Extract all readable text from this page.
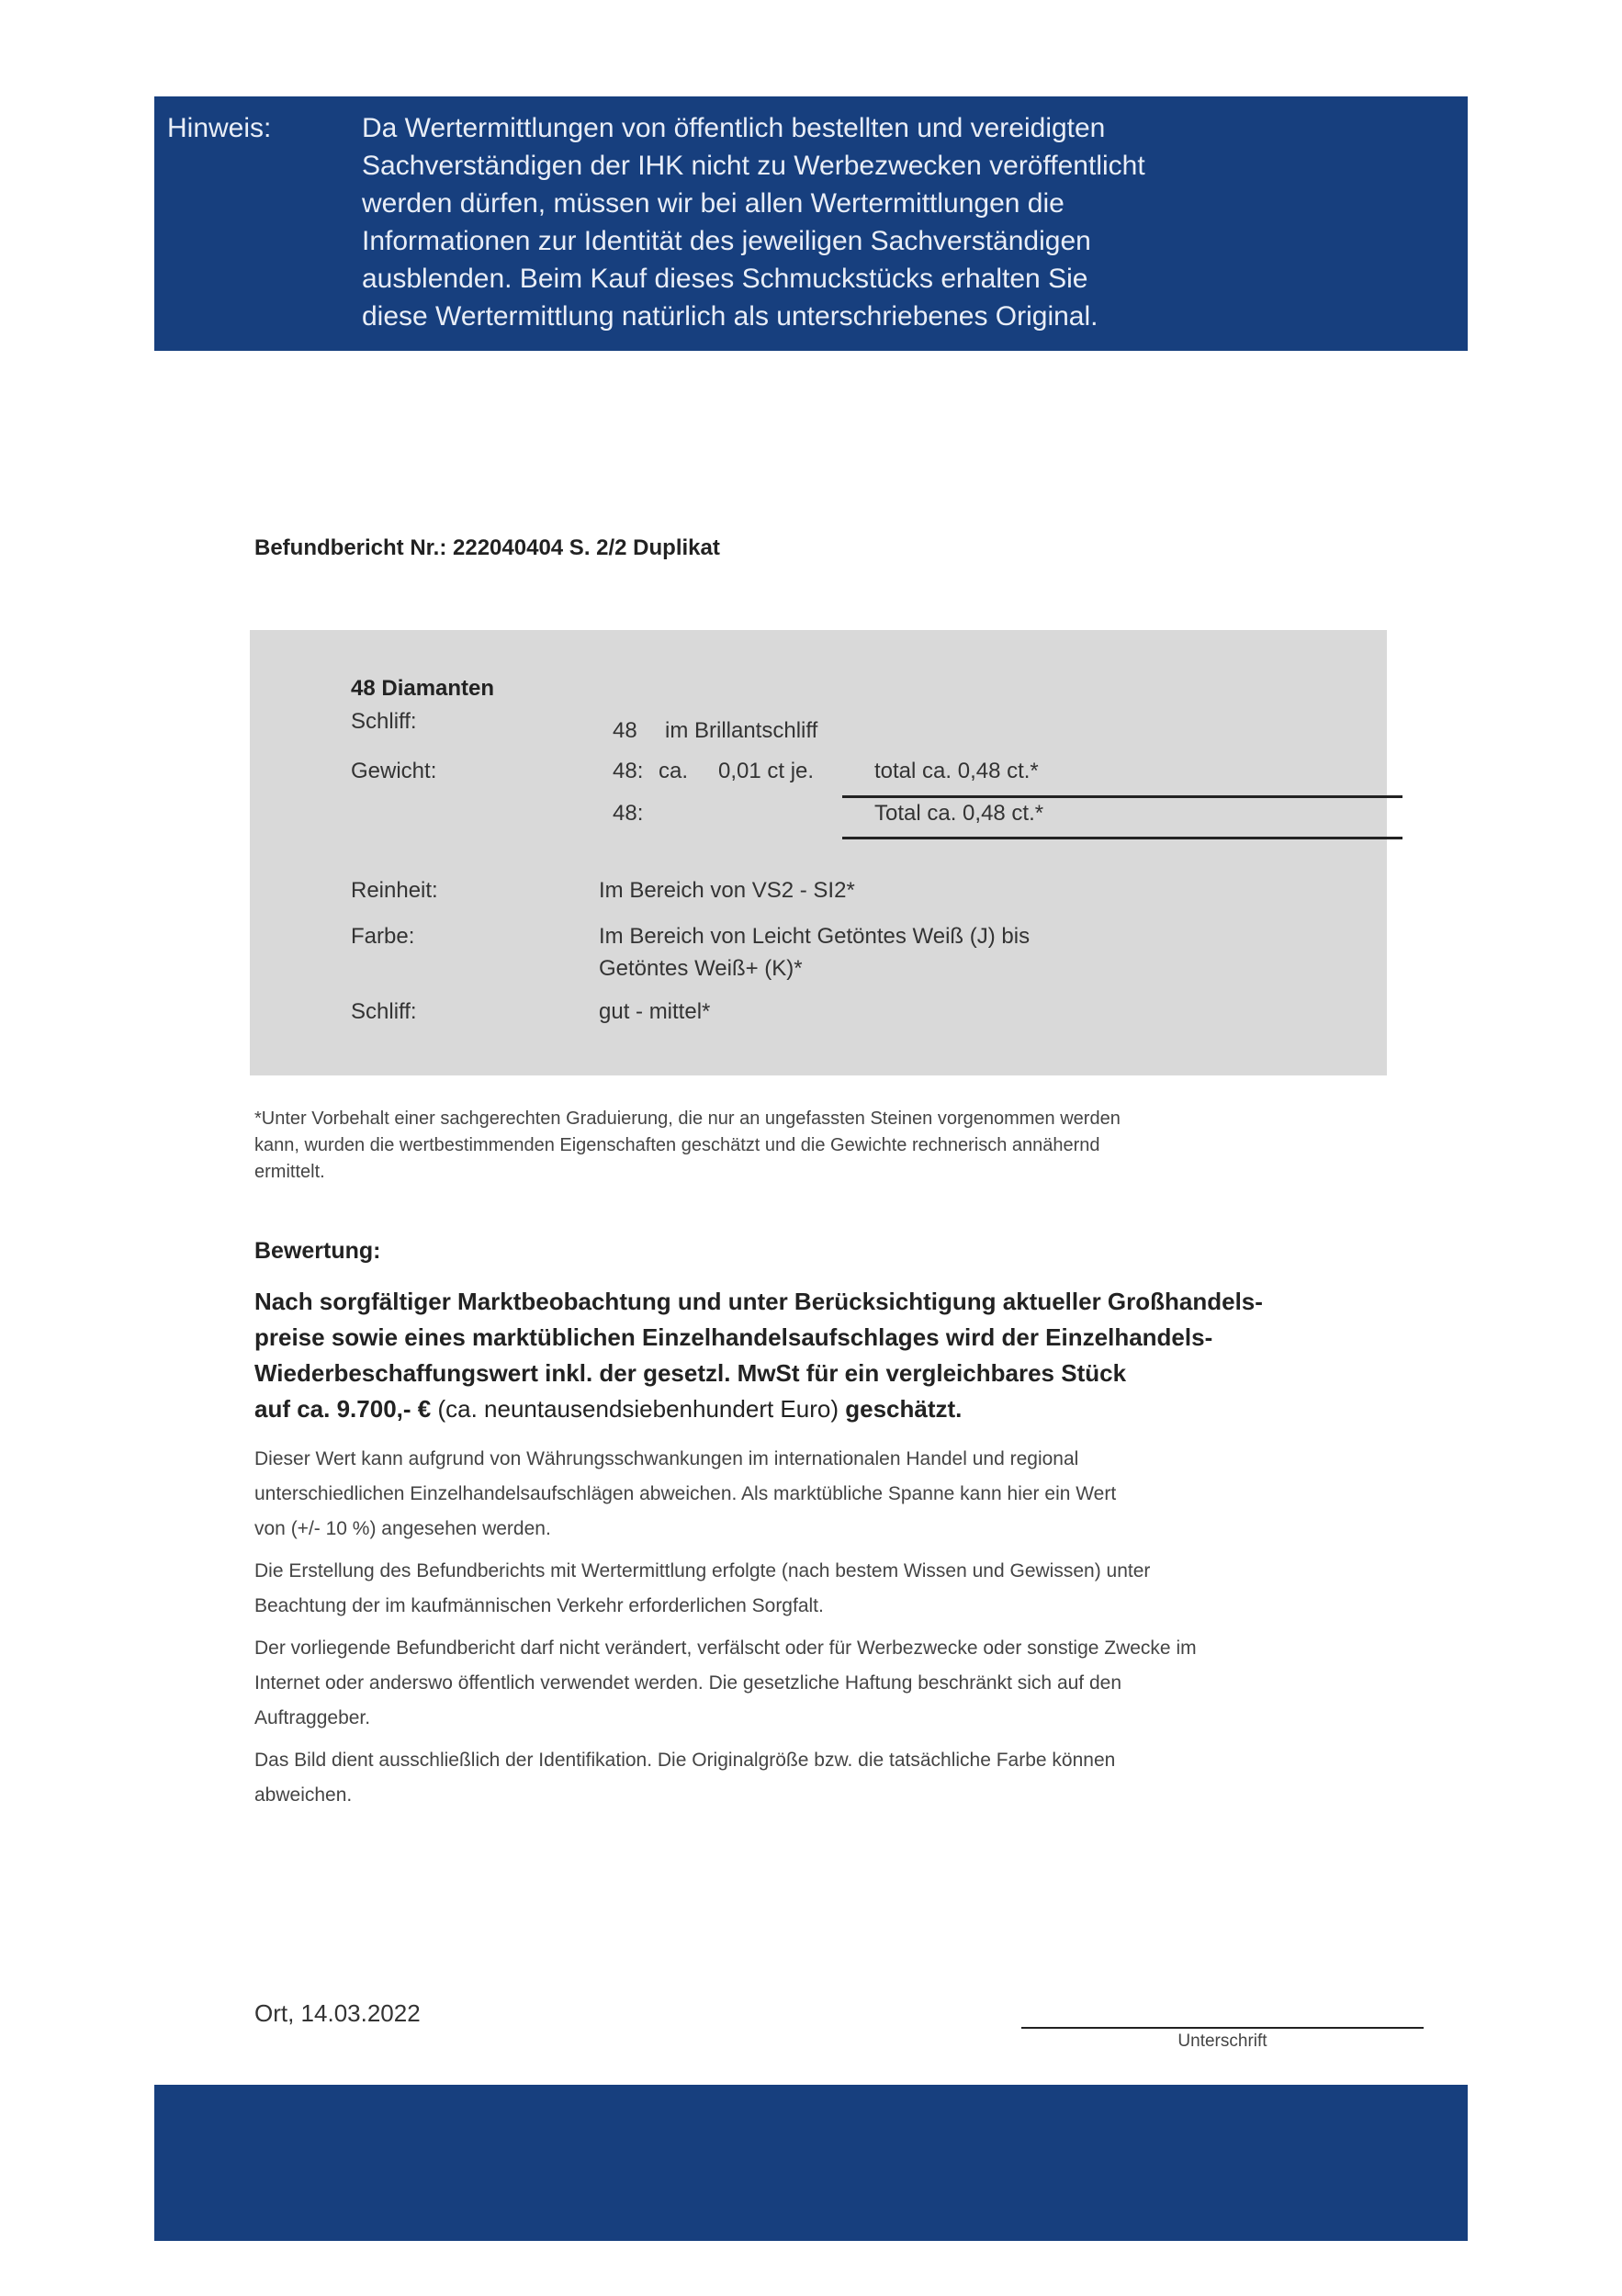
Hinweis:	Da Wertermittlungen von öffentlich bestellten und vereidigten
Sachverständigen der IHK nicht zu Werbezwecken veröffentlicht
werden dürfen, müssen wir bei allen Wertermittlungen die
Informationen zur Identität des jeweiligen Sachverständigen
ausblenden. Beim Kauf dieses Schmuckstücks erhalten Sie
diese Wertermittlung natürlich als unterschriebenes Original.
Befundbericht Nr.: 222040404 S. 2/2 Duplikat
48 Diamanten
Schliff:	48 im Brillantschliff
Gewicht:	48: ca. 0,01 ct je.	total ca. 0,48 ct.*
48:	Total ca. 0,48 ct.*
Reinheit:	Im Bereich von VS2 - SI2*
Farbe:	Im Bereich von Leicht Getöntes Weiß (J) bis
Getöntes Weiß+ (K)*
Schliff:	gut - mittel*
*Unter Vorbehalt einer sachgerechten Graduierung, die nur an ungefassten Steinen vorgenommen werden
kann, wurden die wertbestimmenden Eigenschaften geschätzt und die Gewichte rechnerisch annähernd
ermittelt.
Bewertung:
Nach sorgfältiger Marktbeobachtung und unter Berücksichtigung aktueller Großhandels-
preise sowie eines marktüblichen Einzelhandelsaufschlages wird der Einzelhandels-
Wiederbeschaffungswert inkl. der gesetzl. MwSt für ein vergleichbares Stück
auf ca. 9.700,- € (ca. neuntausendsiebenhundert Euro) geschätzt.
Dieser Wert kann aufgrund von Währungsschwankungen im internationalen Handel und regional
unterschiedlichen Einzelhandelsaufschlägen abweichen. Als marktübliche Spanne kann hier ein Wert
von (+/- 10 %) angesehen werden.
Die Erstellung des Befundberichts mit Wertermittlung erfolgte (nach bestem Wissen und Gewissen) unter
Beachtung der im kaufmännischen Verkehr erforderlichen Sorgfalt.
Der vorliegende Befundbericht darf nicht verändert, verfälscht oder für Werbezwecke oder sonstige Zwecke im
Internet oder anderswo öffentlich verwendet werden. Die gesetzliche Haftung beschränkt sich auf den
Auftraggeber.
Das Bild dient ausschließlich der Identifikation. Die Originalgröße bzw. die tatsächliche Farbe können
abweichen.
Ort, 14.03.2022
Unterschrift
